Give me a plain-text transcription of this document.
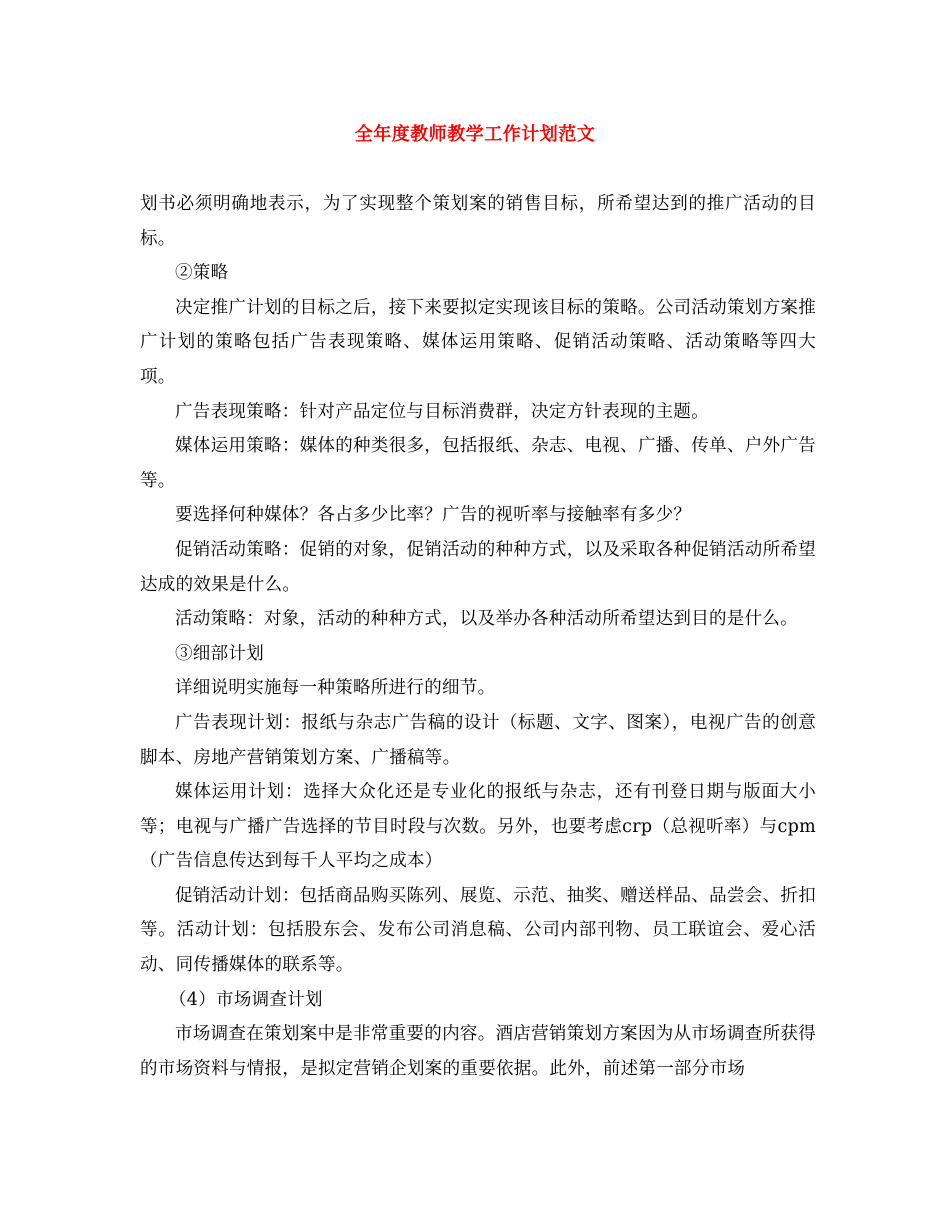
全年度教师教学工作计划范文

划书必须明确地表示，为了实现整个策划案的销售目标，所希望达到的推广活动的目标。

②策略

决定推广计划的目标之后，接下来要拟定实现该目标的策略。公司活动策划方案推广计划的策略包括广告表现策略、媒体运用策略、促销活动策略、活动策略等四大项。

广告表现策略：针对产品定位与目标消费群，决定方针表现的主题。

媒体运用策略：媒体的种类很多，包括报纸、杂志、电视、广播、传单、户外广告等。

要选择何种媒体？各占多少比率？广告的视听率与接触率有多少？

促销活动策略：促销的对象，促销活动的种种方式，以及采取各种促销活动所希望达成的效果是什么。

活动策略：对象，活动的种种方式，以及举办各种活动所希望达到目的是什么。

③细部计划

详细说明实施每一种策略所进行的细节。

广告表现计划：报纸与杂志广告稿的设计（标题、文字、图案），电视广告的创意脚本、房地产营销策划方案、广播稿等。

媒体运用计划：选择大众化还是专业化的报纸与杂志，还有刊登日期与版面大小等；电视与广播广告选择的节目时段与次数。另外，也要考虑crp（总视听率）与cpm（广告信息传达到每千人平均之成本）

促销活动计划：包括商品购买陈列、展览、示范、抽奖、赠送样品、品尝会、折扣等。活动计划：包括股东会、发布公司消息稿、公司内部刊物、员工联谊会、爱心活动、同传播媒体的联系等。

（4）市场调查计划

市场调查在策划案中是非常重要的内容。酒店营销策划方案因为从市场调查所获得的市场资料与情报，是拟定营销企划案的重要依据。此外，前述第一部分市场
